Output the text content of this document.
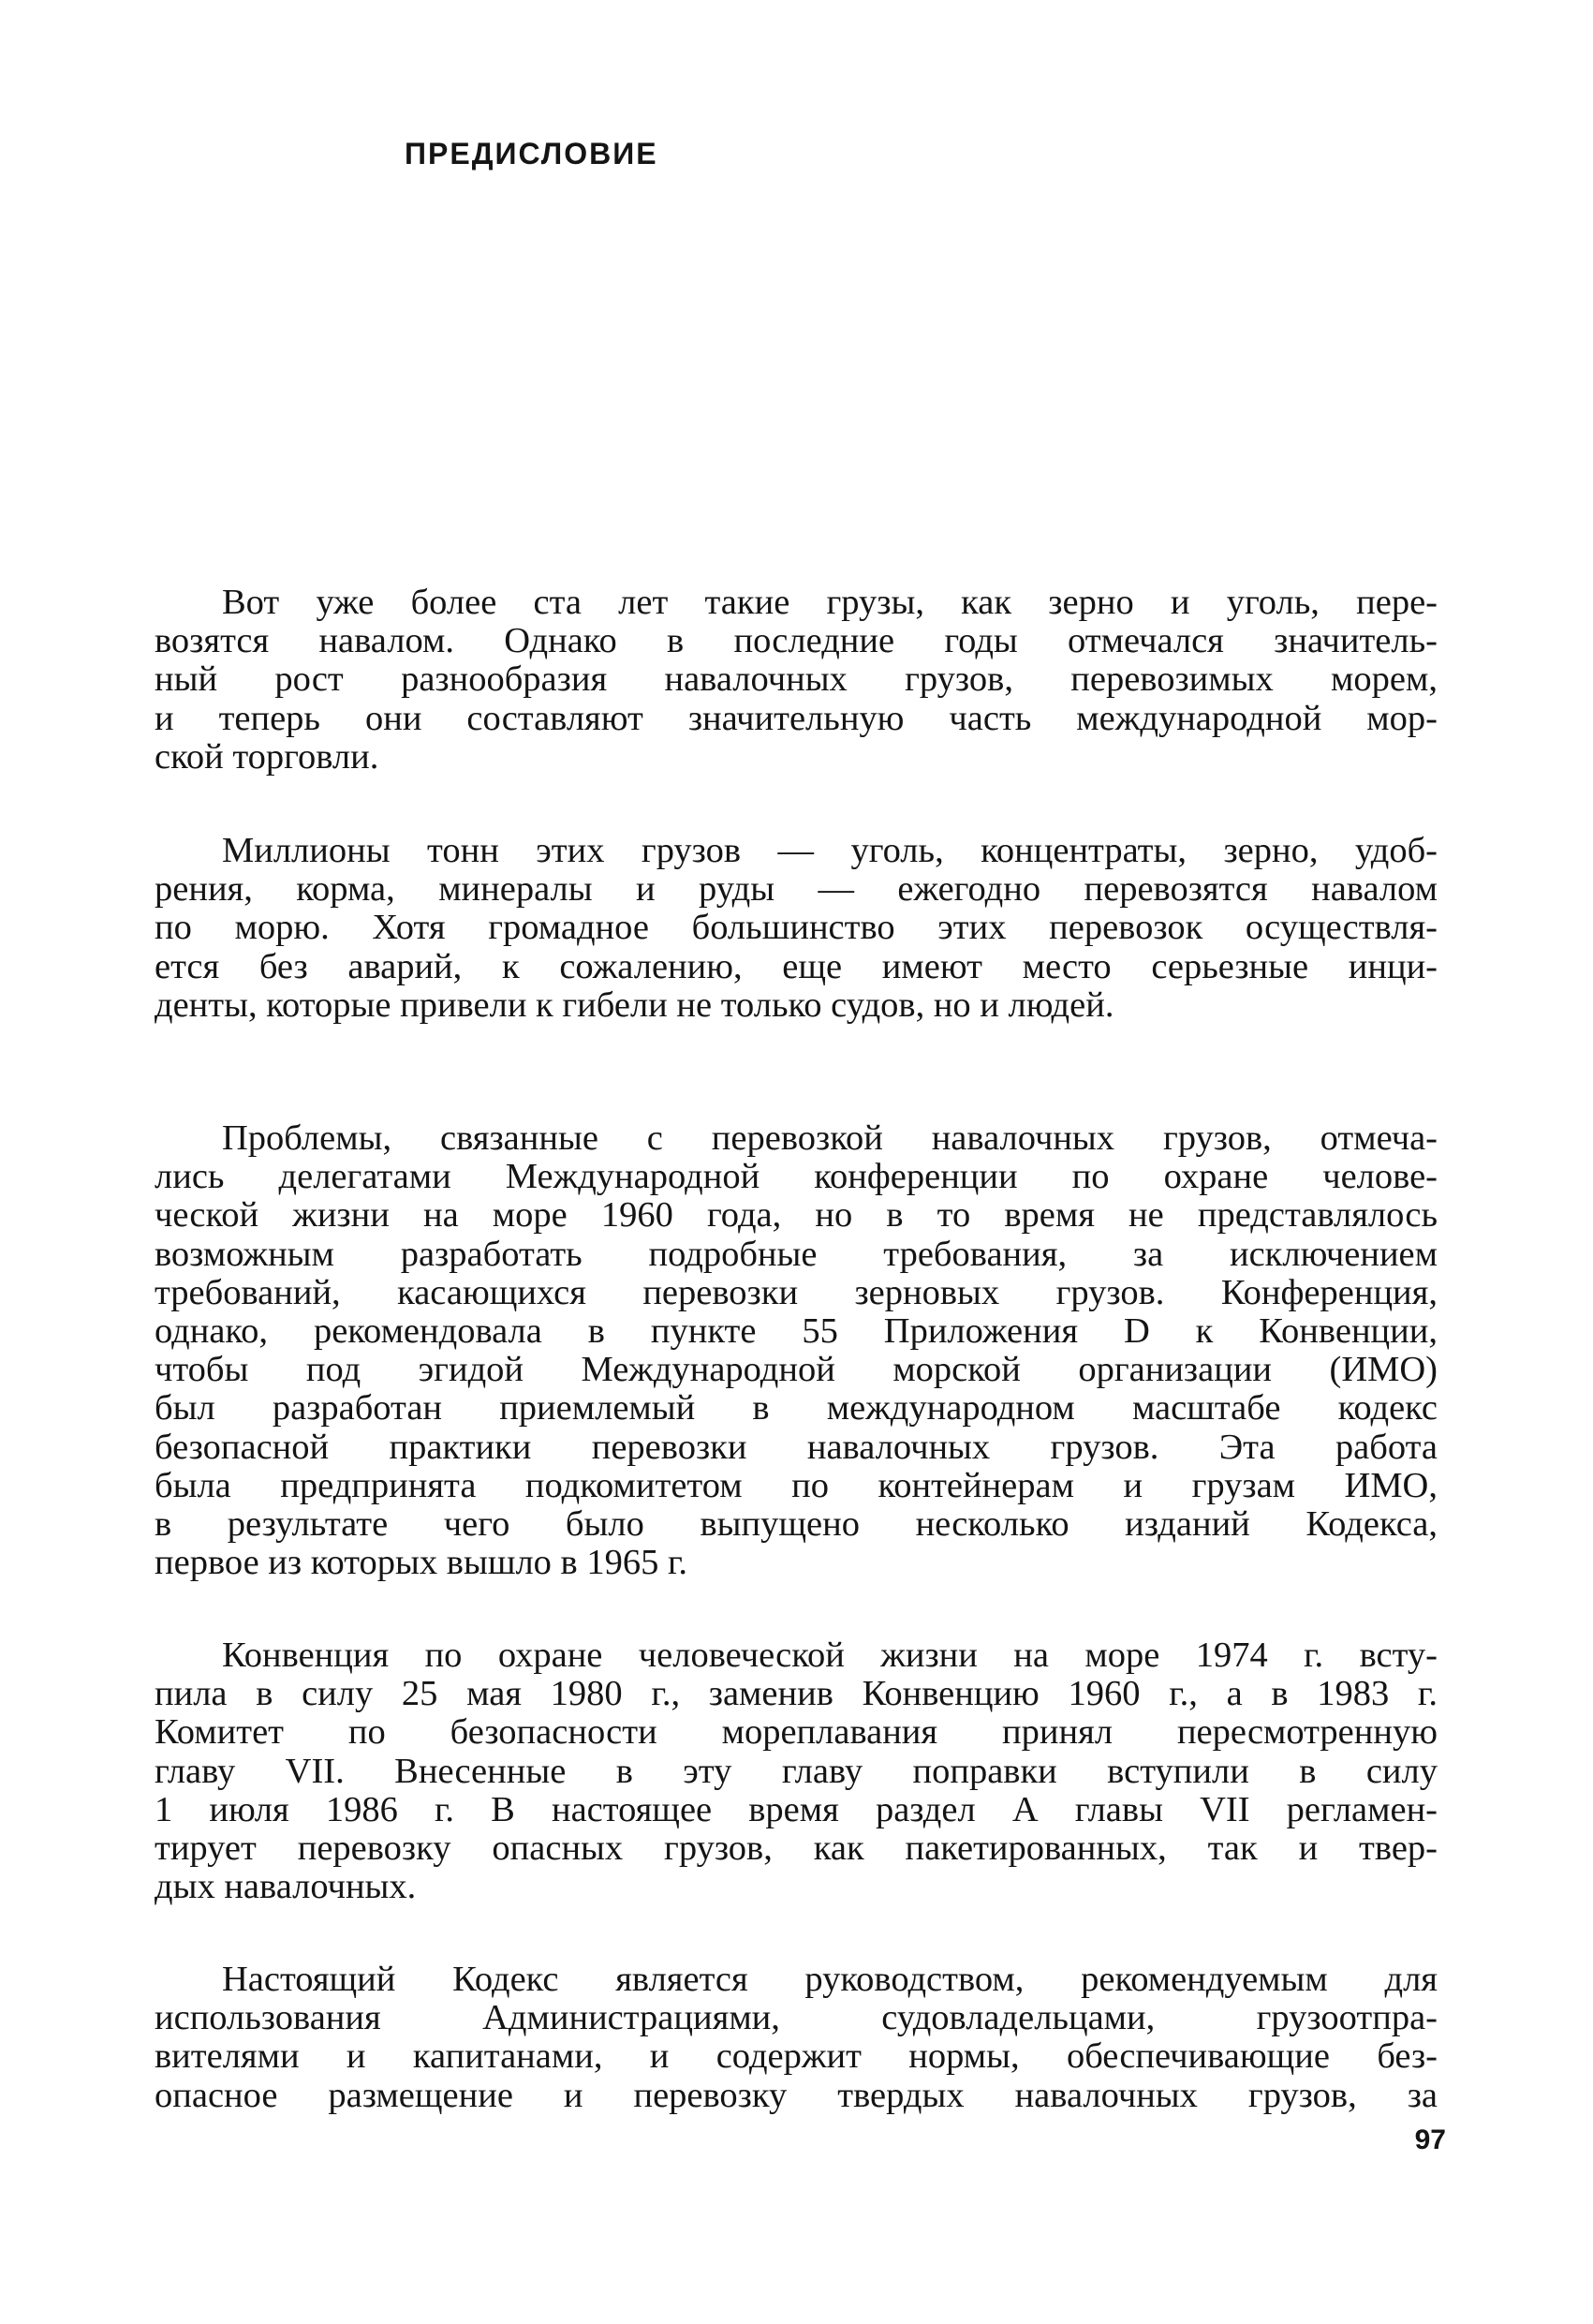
ПРЕДИСЛОВИЕ

Вот уже более ста лет такие грузы, как зерно и уголь, пере-
возятся навалом. Однако в последние годы отмечался значитель-
ный рост разнообразия навалочных грузов, перевозимых морем,
и теперь они составляют значительную часть международной мор-
ской торговли.

Миллионы тонн этих грузов — уголь, концентраты, зерно, удоб-
рения, корма, минералы и руды — ежегодно перевозятся навалом
по морю. Хотя громадное большинство этих перевозок осуществля-
ется без аварий, к сожалению, еще имеют место серьезные инци-
денты, которые привели к гибели не только судов, но и людей.

Проблемы, связанные с перевозкой навалочных грузов, отмеча-
лись делегатами Международной конференции по охране челове-
ческой жизни на море 1960 года, но в то время не представлялось
возможным разработать подробные требования, за исключением
требований, касающихся перевозки зерновых грузов. Конференция,
однако, рекомендовала в пункте 55 Приложения D к Конвенции,
чтобы под эгидой Международной морской организации (ИМО)
был разработан приемлемый в международном масштабе кодекс
безопасной практики перевозки навалочных грузов. Эта работа
была предпринята подкомитетом по контейнерам и грузам ИМО,
в результате чего было выпущено несколько изданий Кодекса,
первое из которых вышло в 1965 г.

Конвенция по охране человеческой жизни на море 1974 г. всту-
пила в силу 25 мая 1980 г., заменив Конвенцию 1960 г., а в 1983 г.
Комитет по безопасности мореплавания принял пересмотренную
главу VII. Внесенные в эту главу поправки вступили в силу
1 июля 1986 г. В настоящее время раздел А главы VII регламен-
тирует перевозку опасных грузов, как пакетированных, так и твер-
дых навалочных.

Настоящий Кодекс является руководством, рекомендуемым для
использования Администрациями, судовладельцами, грузоотпра-
вителями и капитанами, и содержит нормы, обеспечивающие без-
опасное размещение и перевозку твердых навалочных грузов, за

97
